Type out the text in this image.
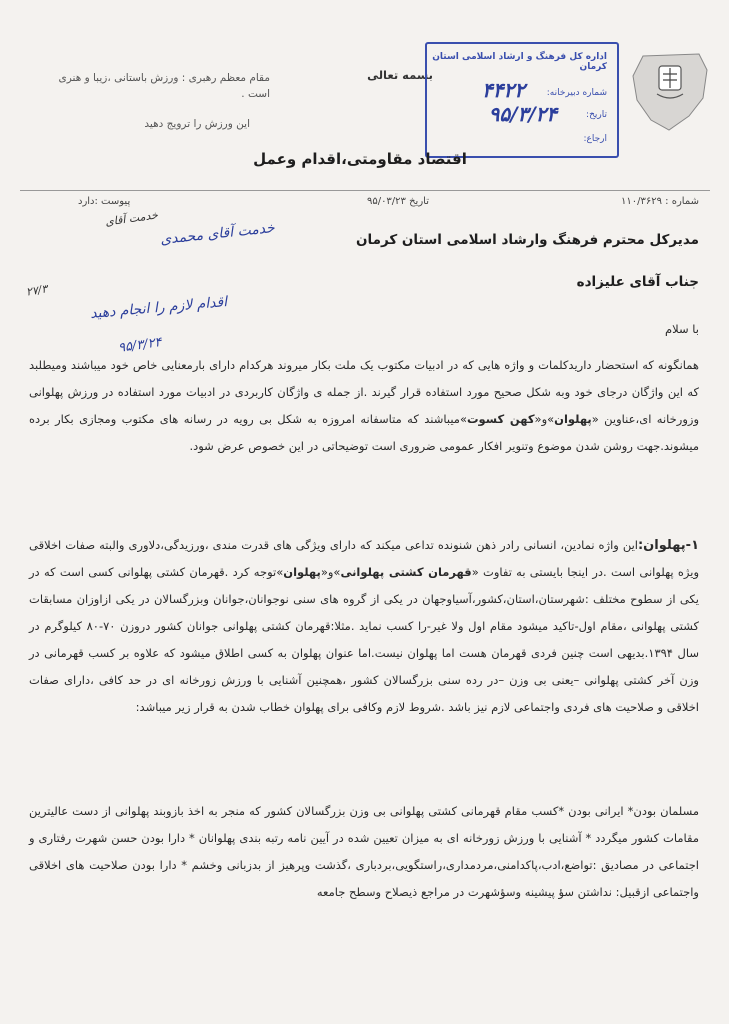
مقام معظم رهبری : ورزش باستانی ،زیبا و هنری است .
این ورزش را ترویج دهید
بسمه تعالی
اداره کل فرهنگ و ارشاد اسلامی استان کرمان
شماره دبیرخانه:
۴۴۲۲
تاریخ:
۹۵/۳/۲۴
ارجاع:
اقتصاد مقاومتی،اقدام وعمل
شماره : ۱۱۰/۳۶۲۹
تاریخ ۹۵/۰۳/۲۳
پیوست :دارد
مدیرکل محترم فرهنگ وارشاد اسلامی استان کرمان
جناب آقای علیزاده
با سلام
خدمت آقای محمدی
اقدام لازم را انجام دهید
۹۵/۳/۲۴
خدمت آقای
۲۷/۳
همانگونه که استحضار داریدکلمات و واژه هایی که در ادبیات مکتوب یک ملت بکار میروند هرکدام دارای بارمعنایی خاص خود میباشند ومیطلبد که این واژگان درجای خود وبه شکل صحیح مورد استفاده قرار گیرند .از جمله ی واژگان کاربردی در ادبیات مورد استفاده در ورزش پهلوانی وزورخانه ای،عناوین «پهلوان»و«کهن کسوت»میباشند که متاسفانه امروزه به شکل بی رویه در رسانه های مکتوب ومجازی بکار برده میشوند.جهت روشن شدن موضوع وتنویر افکار عمومی ضروری است توضیحاتی در این خصوص عرض شود.
۱-پهلوان:این واژه نمادین، انسانی رادر ذهن شنونده تداعی میکند که دارای ویژگی های قدرت مندی ،ورزیدگی،دلاوری والبته صفات اخلاقی ویژه پهلوانی است .در اینجا بایستی به تفاوت «قهرمان کشتی پهلوانی»و«پهلوان»توجه کرد .قهرمان کشتی پهلوانی کسی است که در یکی از سطوح مختلف :شهرستان،استان،کشور،آسیاوجهان در یکی از گروه های سنی نوجوانان،جوانان وبزرگسالان در یکی ازاوزان مسابقات کشتی پهلوانی ،مقام اول-تاکید میشود مقام اول ولا غیر-را کسب نماید .مثلا:قهرمان کشتی پهلوانی جوانان کشور دروزن ۷۰-۸۰ کیلوگرم در سال ۱۳۹۴.بدیهی است چنین فردی قهرمان هست اما پهلوان نیست.اما عنوان پهلوان به کسی اطلاق میشود که علاوه بر کسب قهرمانی در وزن آخر کشتی پهلوانی –یعنی بی وزن –در رده سنی بزرگسالان کشور ،همچنین آشنایی با ورزش زورخانه ای در حد کافی ،دارای صفات اخلاقی و صلاحیت های فردی واجتماعی لازم نیز باشد .شروط لازم وکافی برای پهلوان خطاب شدن به قرار زیر میباشد:
مسلمان بودن* ایرانی بودن *کسب مقام قهرمانی کشتی پهلوانی بی وزن بزرگسالان کشور که منجر به اخذ بازوبند پهلوانی از دست عالیترین مقامات کشور میگردد * آشنایی با ورزش زورخانه ای به میزان تعیین شده در آیین نامه رتبه بندی پهلوانان * دارا بودن حسن شهرت رفتاری و اجتماعی در مصادیق :تواضع،ادب،پاکدامنی،مردمداری،راستگویی،بردباری ،گذشت وپرهیز از بدزبانی وخشم * دارا بودن صلاحیت های اخلاقی واجتماعی ازقبیل: نداشتن سؤ پیشینه وسؤشهرت در مراجع ذیصلاح وسطح جامعه
